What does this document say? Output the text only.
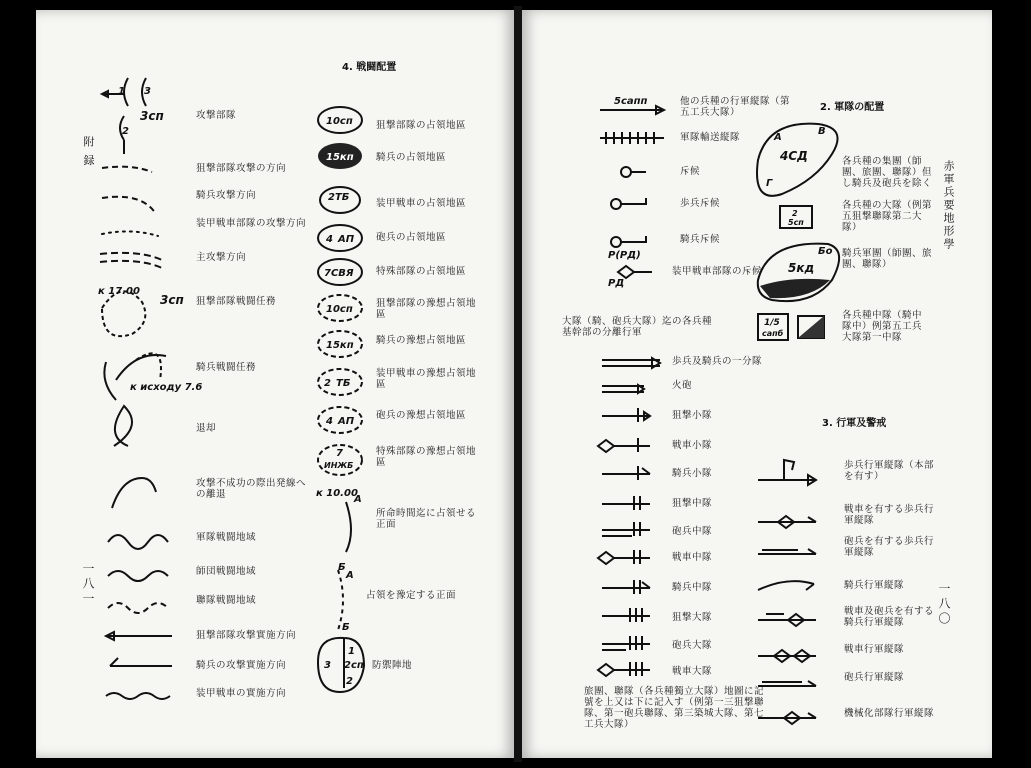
附 録
一八一
攻撃部隊
狙撃部隊攻撃の方向
騎兵攻撃方向
装甲戦車部隊の攻撃方向
主攻撃方向
狙撃部隊戦闘任務
騎兵戦闘任務
退却
攻撃不成功の際出発線への離退
軍隊戦闘地域
師団戦闘地域
聯隊戦闘地域
狙撃部隊攻撃實施方向
騎兵の攻撃實施方向
装甲戦車の實施方向
4. 戦闘配置
狙撃部隊の占領地區
騎兵の占領地區
装甲戦車の占領地區
砲兵の占領地區
特殊部隊の占領地區
狙撃部隊の豫想占領地區
騎兵の豫想占領地區
装甲戦車の豫想占領地區
砲兵の豫想占領地區
特殊部隊の豫想占領地區
所命時間迄に占領せる正面
占領を豫定する正面
防禦陣地
1 3
3сп
2
к 17.00
3сп
к исходу 7.6
10сп
15кп
2ТБ
4 АП
7СВЯ
10сп
15кп
2 ТБ
4 АП
7
ИНЖБ
к 10.00
А
Б
А
Б
1
2сп
3
2
赤軍兵要地形學
一八〇
他の兵種の行軍縦隊（第五工兵大隊）
軍隊輸送縦隊
斥候
歩兵斥候
騎兵斥候
装甲戦車部隊の斥候
2. 軍隊の配置
各兵種の集團（師團、旅團、聯隊）但し騎兵及砲兵を除く
各兵種の大隊（例第五狙撃聯隊第二大隊）
騎兵軍團（師團、旅團、聯隊）
各兵種中隊（騎中隊中）例第五工兵大隊第一中隊
大隊（騎、砲兵大隊）迄の各兵種基幹部の分離行軍
歩兵及騎兵の一分隊
火砲
狙撃小隊
戦車小隊
騎兵小隊
狙撃中隊
砲兵中隊
戦車中隊
騎兵中隊
狙撃大隊
砲兵大隊
戦車大隊
旅團、聯隊（各兵種獨立大隊）地圖に記號を上又は下に記入す（例第一三狙撃聯隊、第一砲兵聯隊、第三築城大隊、第七工兵大隊）
3. 行軍及警戒
歩兵行軍縦隊（本部を有す）
戦車を有する歩兵行軍縦隊
砲兵を有する歩兵行軍縦隊
騎兵行軍縦隊
戦車及砲兵を有する騎兵行軍縦隊
戦車行軍縦隊
砲兵行軍縦隊
機械化部隊行軍縦隊
5сапп
Р(РД)
РД
4СД
А
В
Г
2
5сп
5кд
Бо
1/5
сапб
